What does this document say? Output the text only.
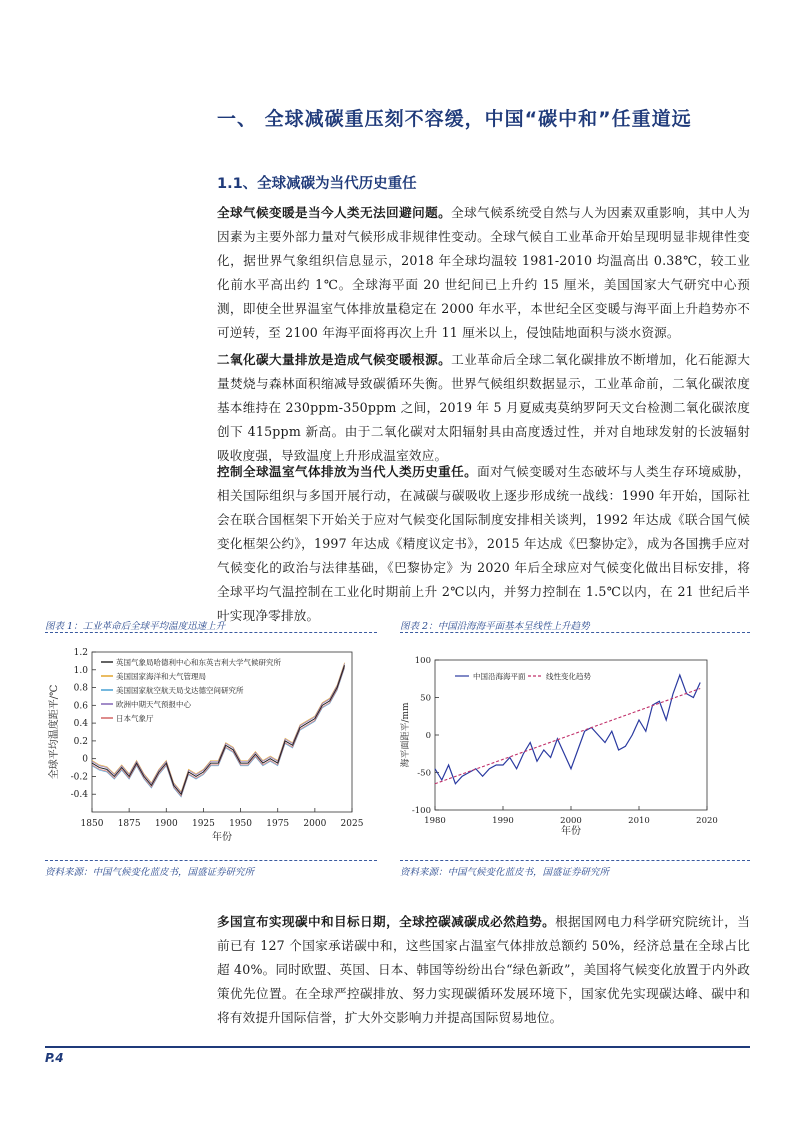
一、 全球减碳重压刻不容缓，中国“碳中和”任重道远
1.1、全球减碳为当代历史重任
全球气候变暖是当今人类无法回避问题。全球气候系统受自然与人为因素双重影响，其中人为因素为主要外部力量对气候形成非规律性变动。全球气候自工业革命开始呈现明显非规律性变化，据世界气象组织信息显示，2018 年全球均温较 1981-2010 均温高出 0.38℃，较工业化前水平高出约 1℃。全球海平面 20 世纪间已上升约 15 厘米，美国国家大气研究中心预测，即使全世界温室气体排放量稳定在 2000 年水平，本世纪全区变暖与海平面上升趋势亦不可逆转，至 2100 年海平面将再次上升 11 厘米以上，侵蚀陆地面积与淡水资源。
二氧化碳大量排放是造成气候变暖根源。工业革命后全球二氧化碳排放不断增加，化石能源大量焚烧与森林面积缩减导致碳循环失衡。世界气候组织数据显示，工业革命前，二氧化碳浓度基本维持在 230ppm-350ppm 之间，2019 年 5 月夏威夷莫纳罗阿天文台检测二氧化碳浓度创下 415ppm 新高。由于二氧化碳对太阳辐射具由高度透过性，并对自地球发射的长波辐射吸收度强，导致温度上升形成温室效应。
控制全球温室气体排放为当代人类历史重任。面对气候变暖对生态破坏与人类生存环境威胁，相关国际组织与多国开展行动，在减碳与碳吸收上逐步形成统一战线：1990 年开始，国际社会在联合国框架下开始关于应对气候变化国际制度安排相关谈判，1992 年达成《联合国气候变化框架公约》，1997 年达成《精度议定书》，2015 年达成《巴黎协定》，成为各国携手应对气候变化的政治与法律基础，《巴黎协定》为 2020 年后全球应对气候变化做出目标安排，将全球平均气温控制在工业化时期前上升 2℃以内，并努力控制在 1.5℃以内，在 21 世纪后半叶实现净零排放。
图表 1：工业革命后全球平均温度迅速上升	图表 2：中国沿海海平面基本呈线性上升趋势
-0.4
-0.2
0
0.2
0.4
0.6
0.8
1.0
1.2
1850 1875 1900 1925 1950 1975 2000 2025
英国气象局哈德利中心和东英吉利大学气候研究所
美国国家海洋和大气管理局
美国国家航空航天局戈达德空间研究所
欧洲中期天气预报中心
日本气象厅
年份
全球平均温度距平/℃
-100
-50
0
50
100
1980	1990	2000	2010	2020
中国沿海海平面	线性变化趋势
年份
海平面距平/mm
资料来源：中国气候变化蓝皮书，国盛证券研究所	资料来源：中国气候变化蓝皮书，国盛证券研究所
多国宣布实现碳中和目标日期，全球控碳减碳成必然趋势。根据国网电力科学研究院统计，当前已有 127 个国家承诺碳中和，这些国家占温室气体排放总额约 50%，经济总量在全球占比超 40%。同时欧盟、英国、日本、韩国等纷纷出台“绿色新政”，美国将气候变化放置于内外政策优先位置。在全球严控碳排放、努力实现碳循环发展环境下，国家优先实现碳达峰、碳中和将有效提升国际信誉，扩大外交影响力并提高国际贸易地位。
P.4
